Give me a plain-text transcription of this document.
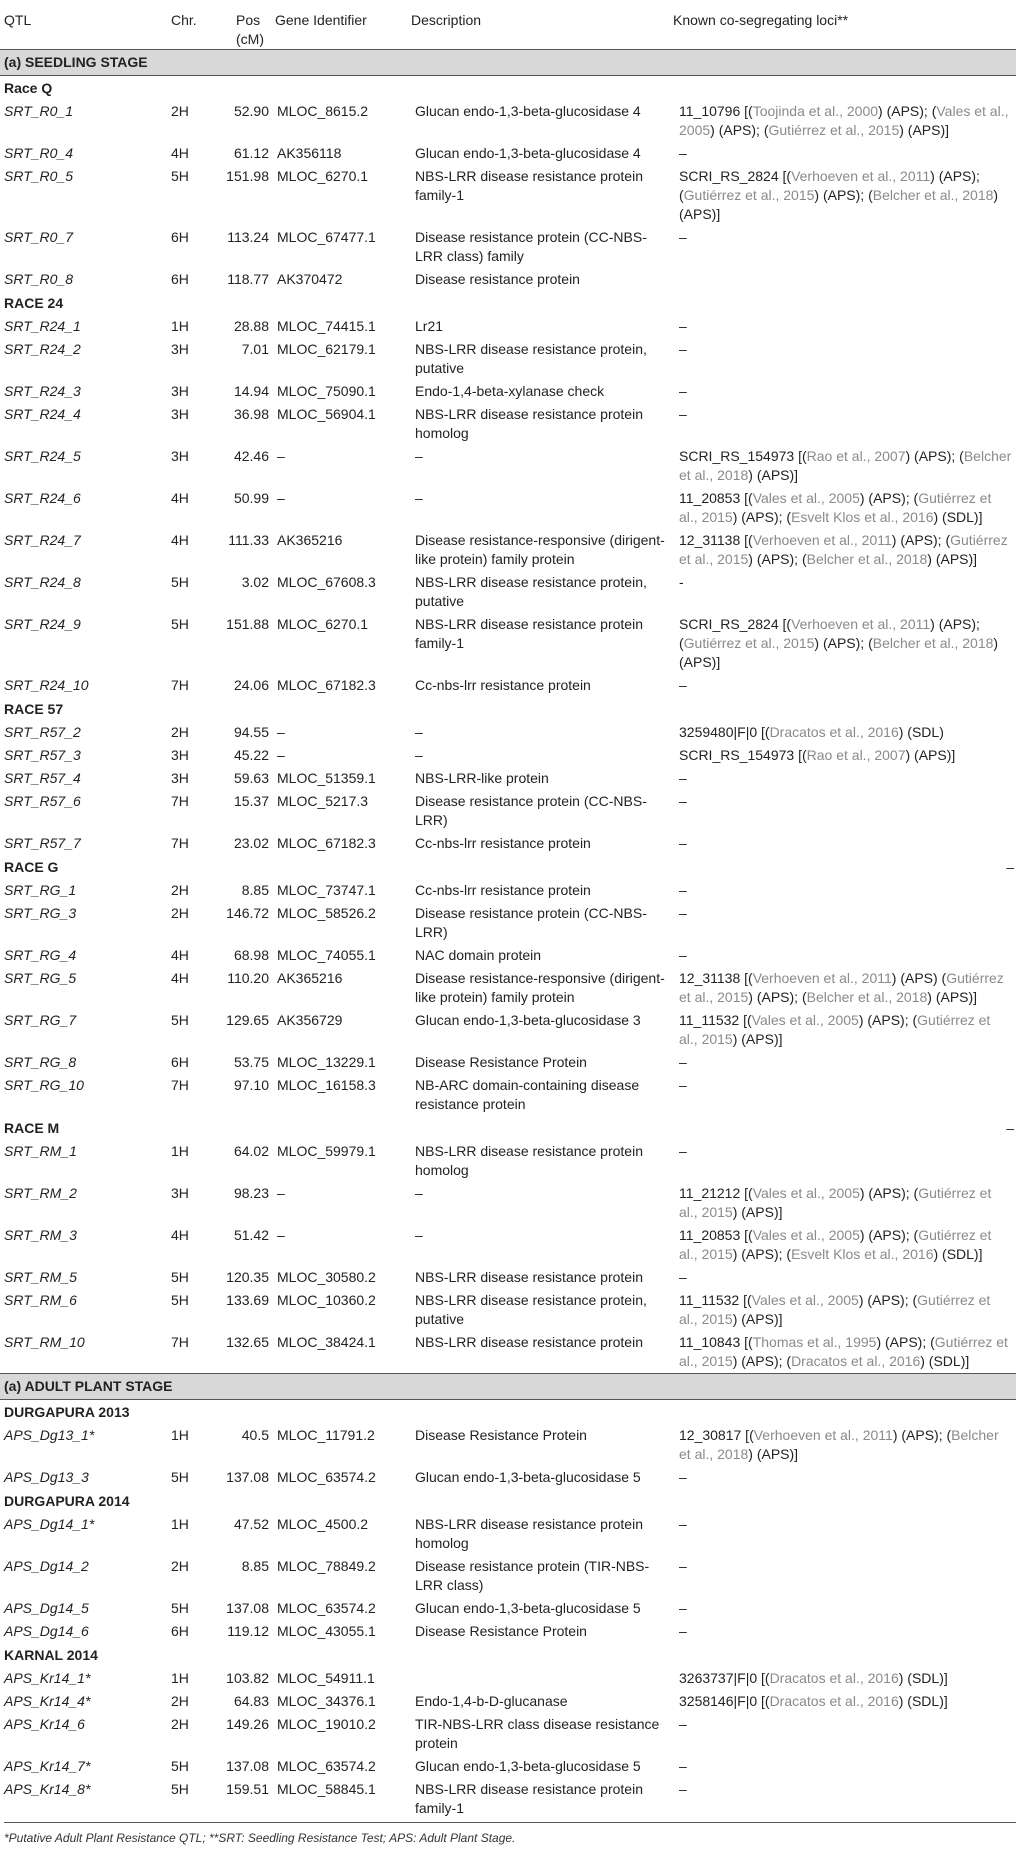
QTL	Chr.	Pos (cM)	Gene Identifier	Description	Known co-segregating loci**
(a) SEEDLING STAGE					
Race Q					
SRT_R0_1	2H	52.90	MLOC_8615.2	Glucan endo-1,3-beta-glucosidase 4	11_10796 [(Toojinda et al., 2000) (APS); (Vales et al., 2005) (APS); (Gutiérrez et al., 2015) (APS)]
SRT_R0_4	4H	61.12	AK356118	Glucan endo-1,3-beta-glucosidase 4	–
SRT_R0_5	5H	151.98	MLOC_6270.1	NBS-LRR disease resistance protein family-1	SCRI_RS_2824 [(Verhoeven et al., 2011) (APS); (Gutiérrez et al., 2015) (APS); (Belcher et al., 2018) (APS)]
SRT_R0_7	6H	113.24	MLOC_67477.1	Disease resistance protein (CC-NBS-LRR class) family	–
SRT_R0_8	6H	118.77	AK370472	Disease resistance protein	
RACE 24					
SRT_R24_1	1H	28.88	MLOC_74415.1	Lr21	–
SRT_R24_2	3H	7.01	MLOC_62179.1	NBS-LRR disease resistance protein, putative	–
SRT_R24_3	3H	14.94	MLOC_75090.1	Endo-1,4-beta-xylanase check	–
SRT_R24_4	3H	36.98	MLOC_56904.1	NBS-LRR disease resistance protein homolog	–
SRT_R24_5	3H	42.46	–	–	SCRI_RS_154973 [(Rao et al., 2007) (APS); (Belcher et al., 2018) (APS)]
SRT_R24_6	4H	50.99	–	–	11_20853 [(Vales et al., 2005) (APS); (Gutiérrez et al., 2015) (APS); (Esvelt Klos et al., 2016) (SDL)]
SRT_R24_7	4H	111.33	AK365216	Disease resistance-responsive (dirigent-like protein) family protein	12_31138 [(Verhoeven et al., 2011) (APS); (Gutiérrez et al., 2015) (APS); (Belcher et al., 2018) (APS)]
SRT_R24_8	5H	3.02	MLOC_67608.3	NBS-LRR disease resistance protein, putative	-
SRT_R24_9	5H	151.88	MLOC_6270.1	NBS-LRR disease resistance protein family-1	SCRI_RS_2824 [(Verhoeven et al., 2011) (APS); (Gutiérrez et al., 2015) (APS); (Belcher et al., 2018) (APS)]
SRT_R24_10	7H	24.06	MLOC_67182.3	Cc-nbs-lrr resistance protein	–
RACE 57					
SRT_R57_2	2H	94.55	–	–	3259480|F|0 [(Dracatos et al., 2016) (SDL)
SRT_R57_3	3H	45.22	–	–	SCRI_RS_154973 [(Rao et al., 2007) (APS)]
SRT_R57_4	3H	59.63	MLOC_51359.1	NBS-LRR-like protein	–
SRT_R57_6	7H	15.37	MLOC_5217.3	Disease resistance protein (CC-NBS-LRR)	–
SRT_R57_7	7H	23.02	MLOC_67182.3	Cc-nbs-lrr resistance protein	–
RACE G					–
SRT_RG_1	2H	8.85	MLOC_73747.1	Cc-nbs-lrr resistance protein	–
SRT_RG_3	2H	146.72	MLOC_58526.2	Disease resistance protein (CC-NBS-LRR)	–
SRT_RG_4	4H	68.98	MLOC_74055.1	NAC domain protein	–
SRT_RG_5	4H	110.20	AK365216	Disease resistance-responsive (dirigent-like protein) family protein	12_31138 [(Verhoeven et al., 2011) (APS) (Gutiérrez et al., 2015) (APS); (Belcher et al., 2018) (APS)]
SRT_RG_7	5H	129.65	AK356729	Glucan endo-1,3-beta-glucosidase 3	11_11532 [(Vales et al., 2005) (APS); (Gutiérrez et al., 2015) (APS)]
SRT_RG_8	6H	53.75	MLOC_13229.1	Disease Resistance Protein	–
SRT_RG_10	7H	97.10	MLOC_16158.3	NB-ARC domain-containing disease resistance protein	–
RACE M					–
SRT_RM_1	1H	64.02	MLOC_59979.1	NBS-LRR disease resistance protein homolog	–
SRT_RM_2	3H	98.23	–	–	11_21212 [(Vales et al., 2005) (APS); (Gutiérrez et al., 2015) (APS)]
SRT_RM_3	4H	51.42	–	–	11_20853 [(Vales et al., 2005) (APS); (Gutiérrez et al., 2015) (APS); (Esvelt Klos et al., 2016) (SDL)]
SRT_RM_5	5H	120.35	MLOC_30580.2	NBS-LRR disease resistance protein	–
SRT_RM_6	5H	133.69	MLOC_10360.2	NBS-LRR disease resistance protein, putative	11_11532 [(Vales et al., 2005) (APS); (Gutiérrez et al., 2015) (APS)]
SRT_RM_10	7H	132.65	MLOC_38424.1	NBS-LRR disease resistance protein	11_10843 [(Thomas et al., 1995) (APS); (Gutiérrez et al., 2015) (APS); (Dracatos et al., 2016) (SDL)]
(a) ADULT PLANT STAGE					
DURGAPURA 2013					
APS_Dg13_1*	1H	40.5	MLOC_11791.2	Disease Resistance Protein	12_30817 [(Verhoeven et al., 2011) (APS); (Belcher et al., 2018) (APS)]
APS_Dg13_3	5H	137.08	MLOC_63574.2	Glucan endo-1,3-beta-glucosidase 5	–
DURGAPURA 2014					
APS_Dg14_1*	1H	47.52	MLOC_4500.2	NBS-LRR disease resistance protein homolog	–
APS_Dg14_2	2H	8.85	MLOC_78849.2	Disease resistance protein (TIR-NBS-LRR class)	–
APS_Dg14_5	5H	137.08	MLOC_63574.2	Glucan endo-1,3-beta-glucosidase 5	–
APS_Dg14_6	6H	119.12	MLOC_43055.1	Disease Resistance Protein	–
KARNAL 2014					
APS_Kr14_1*	1H	103.82	MLOC_54911.1		3263737|F|0 [(Dracatos et al., 2016) (SDL)]
APS_Kr14_4*	2H	64.83	MLOC_34376.1	Endo-1,4-b-D-glucanase	3258146|F|0 [(Dracatos et al., 2016) (SDL)]
APS_Kr14_6	2H	149.26	MLOC_19010.2	TIR-NBS-LRR class disease resistance protein	–
APS_Kr14_7*	5H	137.08	MLOC_63574.2	Glucan endo-1,3-beta-glucosidase 5	–
APS_Kr14_8*	5H	159.51	MLOC_58845.1	NBS-LRR disease resistance protein family-1	–
*Putative Adult Plant Resistance QTL; **SRT: Seedling Resistance Test; APS: Adult Plant Stage.
